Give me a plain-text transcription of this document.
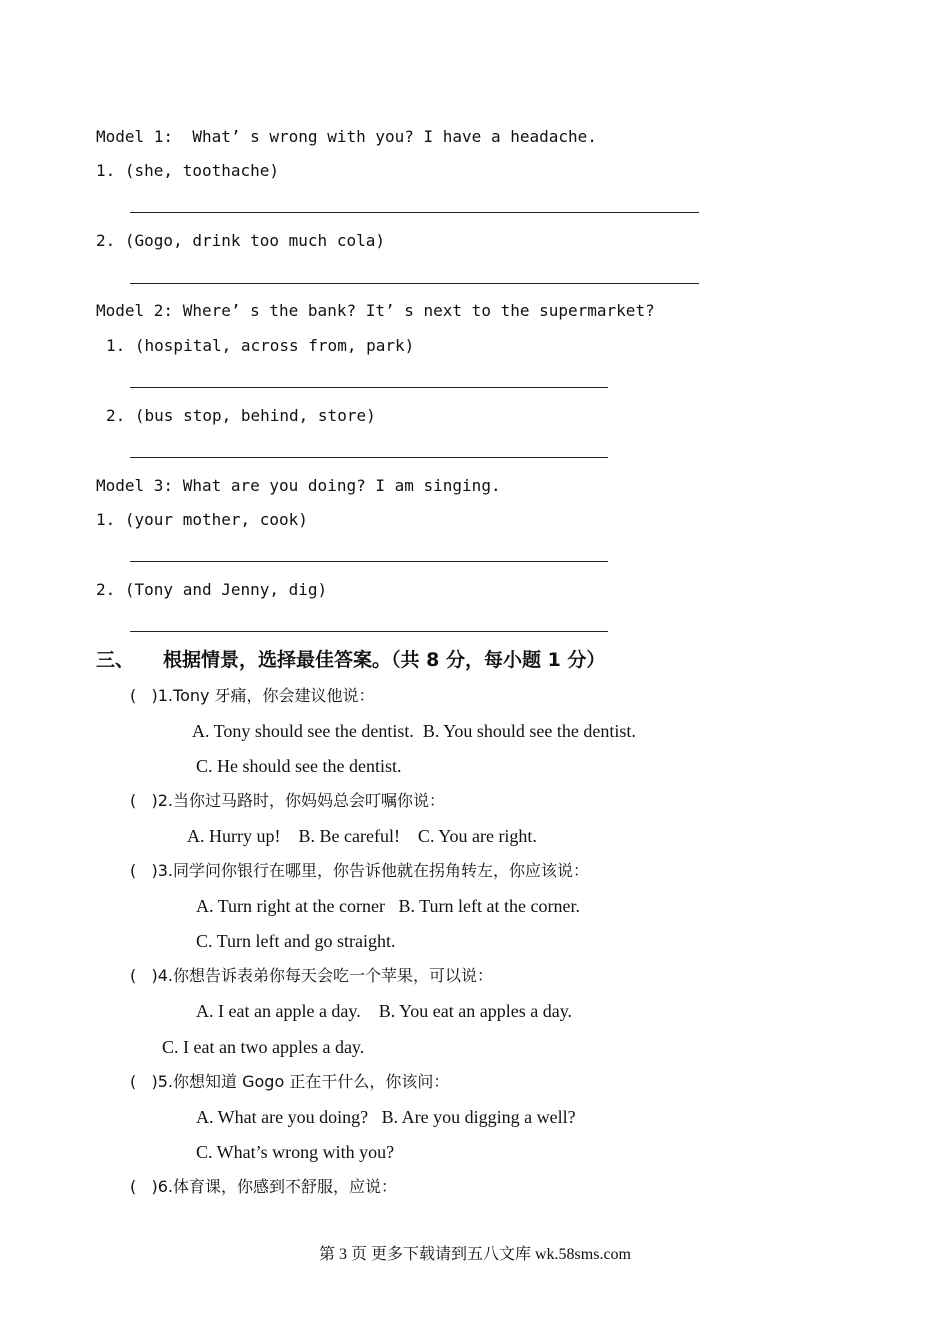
Model 1:  What’ s wrong with you? I have a headache.
1. (she, toothache)
2. (Gogo, drink too much cola)
Model 2: Where’ s the bank? It’ s next to the supermarket?
1. (hospital, across from, park)
2. (bus stop, behind, store)
Model 3: What are you doing? I am singing.
1. (your mother, cook)
2. (Tony and Jenny, dig)
三、 根据情景，选择最佳答案。（共 8 分，每小题 1 分）
(   )1.Tony 牙痛，你会建议他说：
A. Tony should see the dentist.  B. You should see the dentist.
C. He should see the dentist.
(   )2.当你过马路时，你妈妈总会叮嘱你说：
A. Hurry up!    B. Be careful!    C. You are right.
(   )3.同学问你银行在哪里，你告诉他就在拐角转左，你应该说：
A. Turn right at the corner   B. Turn left at the corner.
C. Turn left and go straight.
(   )4.你想告诉表弟你每天会吃一个苹果，可以说：
A. I eat an apple a day.    B. You eat an apples a day.
C. I eat an two apples a day.
(   )5.你想知道 Gogo 正在干什么，你该问：
A. What are you doing?   B. Are you digging a well?
C. What’s wrong with you?
(   )6.体育课，你感到不舒服，应说：
第 3 页 更多下载请到五八文库 wk.58sms.com
